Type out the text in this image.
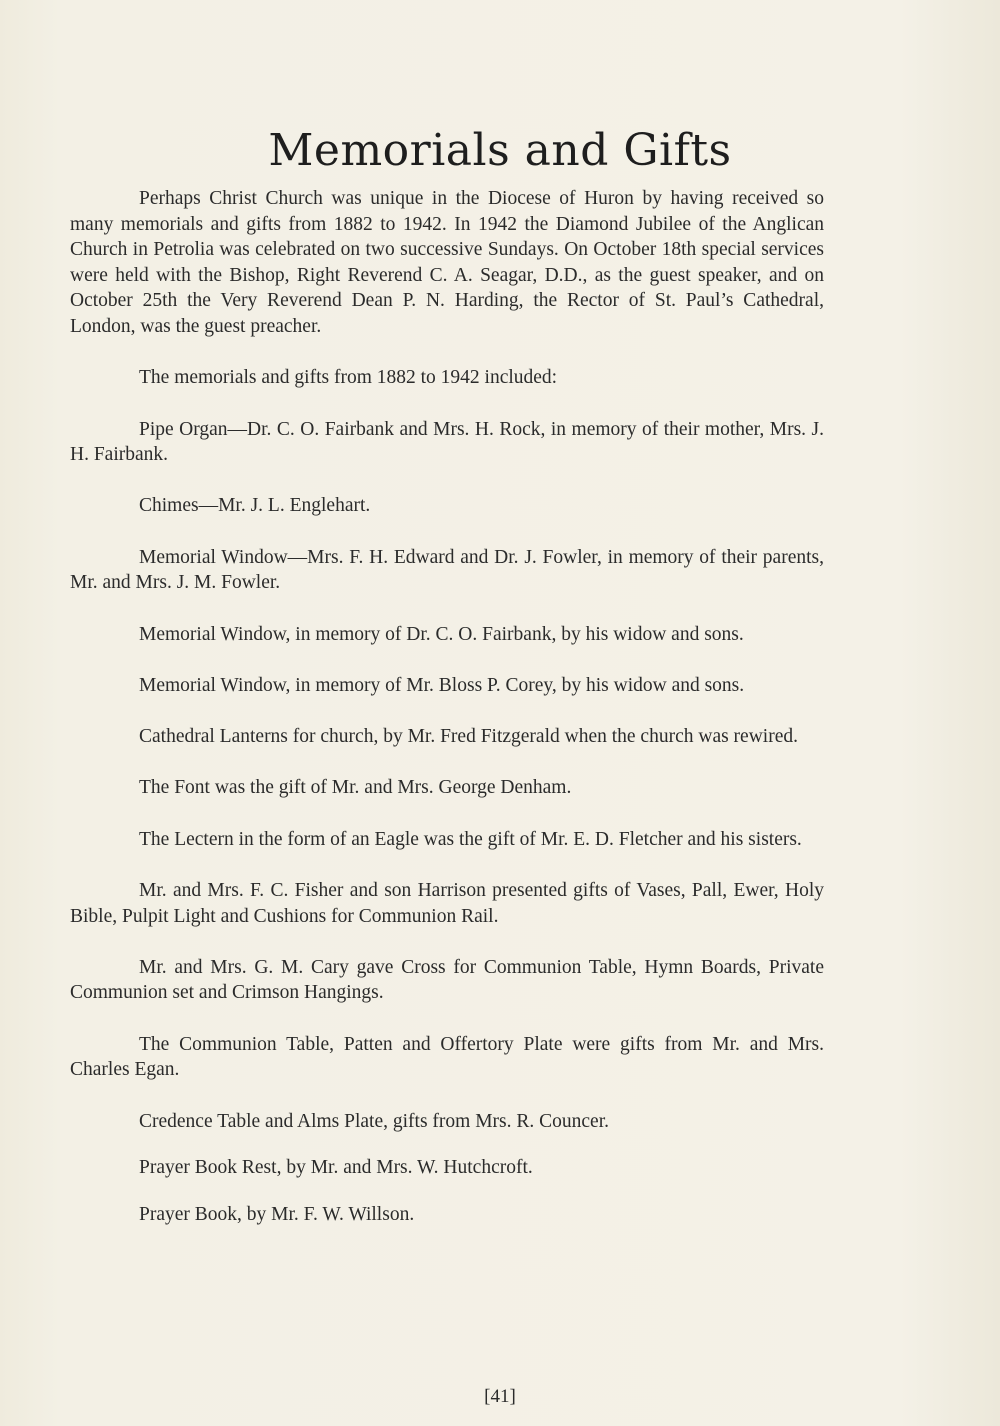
Memorials and Gifts

Perhaps Christ Church was unique in the Diocese of Huron by having received so many memorials and gifts from 1882 to 1942. In 1942 the Diamond Jubilee of the Anglican Church in Petrolia was celebrated on two successive Sundays. On October 18th special services were held with the Bishop, Right Reverend C. A. Seagar, D.D., as the guest speaker, and on October 25th the Very Reverend Dean P. N. Harding, the Rector of St. Paul’s Cathedral, London, was the guest preacher.

The memorials and gifts from 1882 to 1942 included:

Pipe Organ—Dr. C. O. Fairbank and Mrs. H. Rock, in memory of their mother, Mrs. J. H. Fairbank.

Chimes—Mr. J. L. Englehart.

Memorial Window—Mrs. F. H. Edward and Dr. J. Fowler, in memory of their parents, Mr. and Mrs. J. M. Fowler.

Memorial Window, in memory of Dr. C. O. Fairbank, by his widow and sons.

Memorial Window, in memory of Mr. Bloss P. Corey, by his widow and sons.

Cathedral Lanterns for church, by Mr. Fred Fitzgerald when the church was rewired.

The Font was the gift of Mr. and Mrs. George Denham.

The Lectern in the form of an Eagle was the gift of Mr. E. D. Fletcher and his sisters.

Mr. and Mrs. F. C. Fisher and son Harrison presented gifts of Vases, Pall, Ewer, Holy Bible, Pulpit Light and Cushions for Communion Rail.

Mr. and Mrs. G. M. Cary gave Cross for Communion Table, Hymn Boards, Private Communion set and Crimson Hangings.

The Communion Table, Patten and Offertory Plate were gifts from Mr. and Mrs. Charles Egan.

Credence Table and Alms Plate, gifts from Mrs. R. Councer.

Prayer Book Rest, by Mr. and Mrs. W. Hutchcroft.

Prayer Book, by Mr. F. W. Willson.

[41]
